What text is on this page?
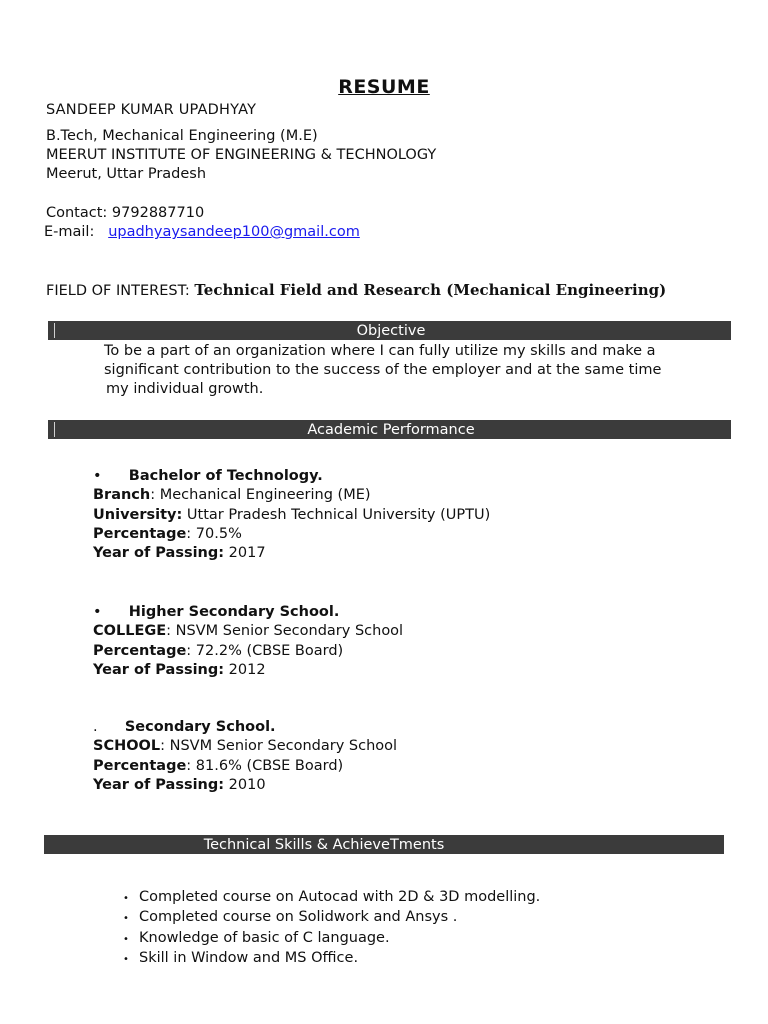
RESUME
SANDEEP KUMAR UPADHYAY
B.Tech, Mechanical Engineering (M.E)
MEERUT INSTITUTE OF ENGINEERING & TECHNOLOGY
Meerut, Uttar Pradesh
Contact: 9792887710
E-mail: upadhyaysandeep100@gmail.com
FIELD OF INTEREST: Technical Field and Research (Mechanical Engineering)
Objective
To be a part of an organization where I can fully utilize my skills and make a
significant contribution to the success of the employer and at the same time
my individual growth.
Academic Performance
• Bachelor of Technology.
Branch: Mechanical Engineering (ME)
University: Uttar Pradesh Technical University (UPTU)
Percentage: 70.5%
Year of Passing: 2017
• Higher Secondary School.
COLLEGE: NSVM Senior Secondary School
Percentage: 72.2% (CBSE Board)
Year of Passing: 2012
. Secondary School.
SCHOOL: NSVM Senior Secondary School
Percentage: 81.6% (CBSE Board)
Year of Passing: 2010
Technical Skills & AchieveTments
• Completed course on Autocad with 2D & 3D modelling.
• Completed course on Solidwork and Ansys .
• Knowledge of basic of C language.
• Skill in Window and MS Office.
